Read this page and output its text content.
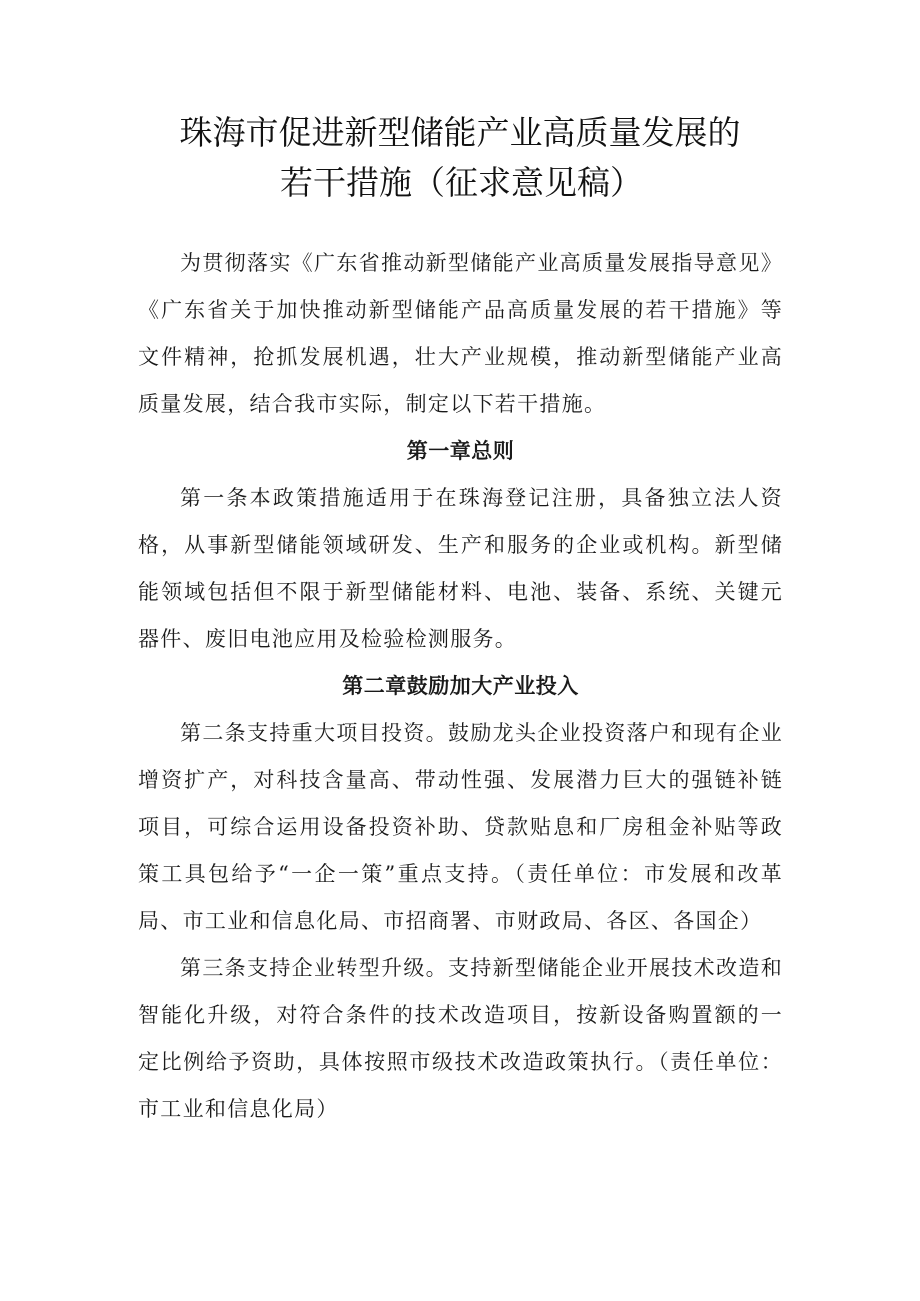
珠海市促进新型储能产业高质量发展的
若干措施（征求意见稿）

为贯彻落实《广东省推动新型储能产业高质量发展指导意见》《广东省关于加快推动新型储能产品高质量发展的若干措施》等文件精神，抢抓发展机遇，壮大产业规模，推动新型储能产业高质量发展，结合我市实际，制定以下若干措施。

第一章总则

第一条本政策措施适用于在珠海登记注册，具备独立法人资格，从事新型储能领域研发、生产和服务的企业或机构。新型储能领域包括但不限于新型储能材料、电池、装备、系统、关键元器件、废旧电池应用及检验检测服务。

第二章鼓励加大产业投入

第二条支持重大项目投资。鼓励龙头企业投资落户和现有企业增资扩产，对科技含量高、带动性强、发展潜力巨大的强链补链项目，可综合运用设备投资补助、贷款贴息和厂房租金补贴等政策工具包给予“一企一策”重点支持。（责任单位：市发展和改革局、市工业和信息化局、市招商署、市财政局、各区、各国企）

第三条支持企业转型升级。支持新型储能企业开展技术改造和智能化升级，对符合条件的技术改造项目，按新设备购置额的一定比例给予资助，具体按照市级技术改造政策执行。（责任单位：市工业和信息化局）
